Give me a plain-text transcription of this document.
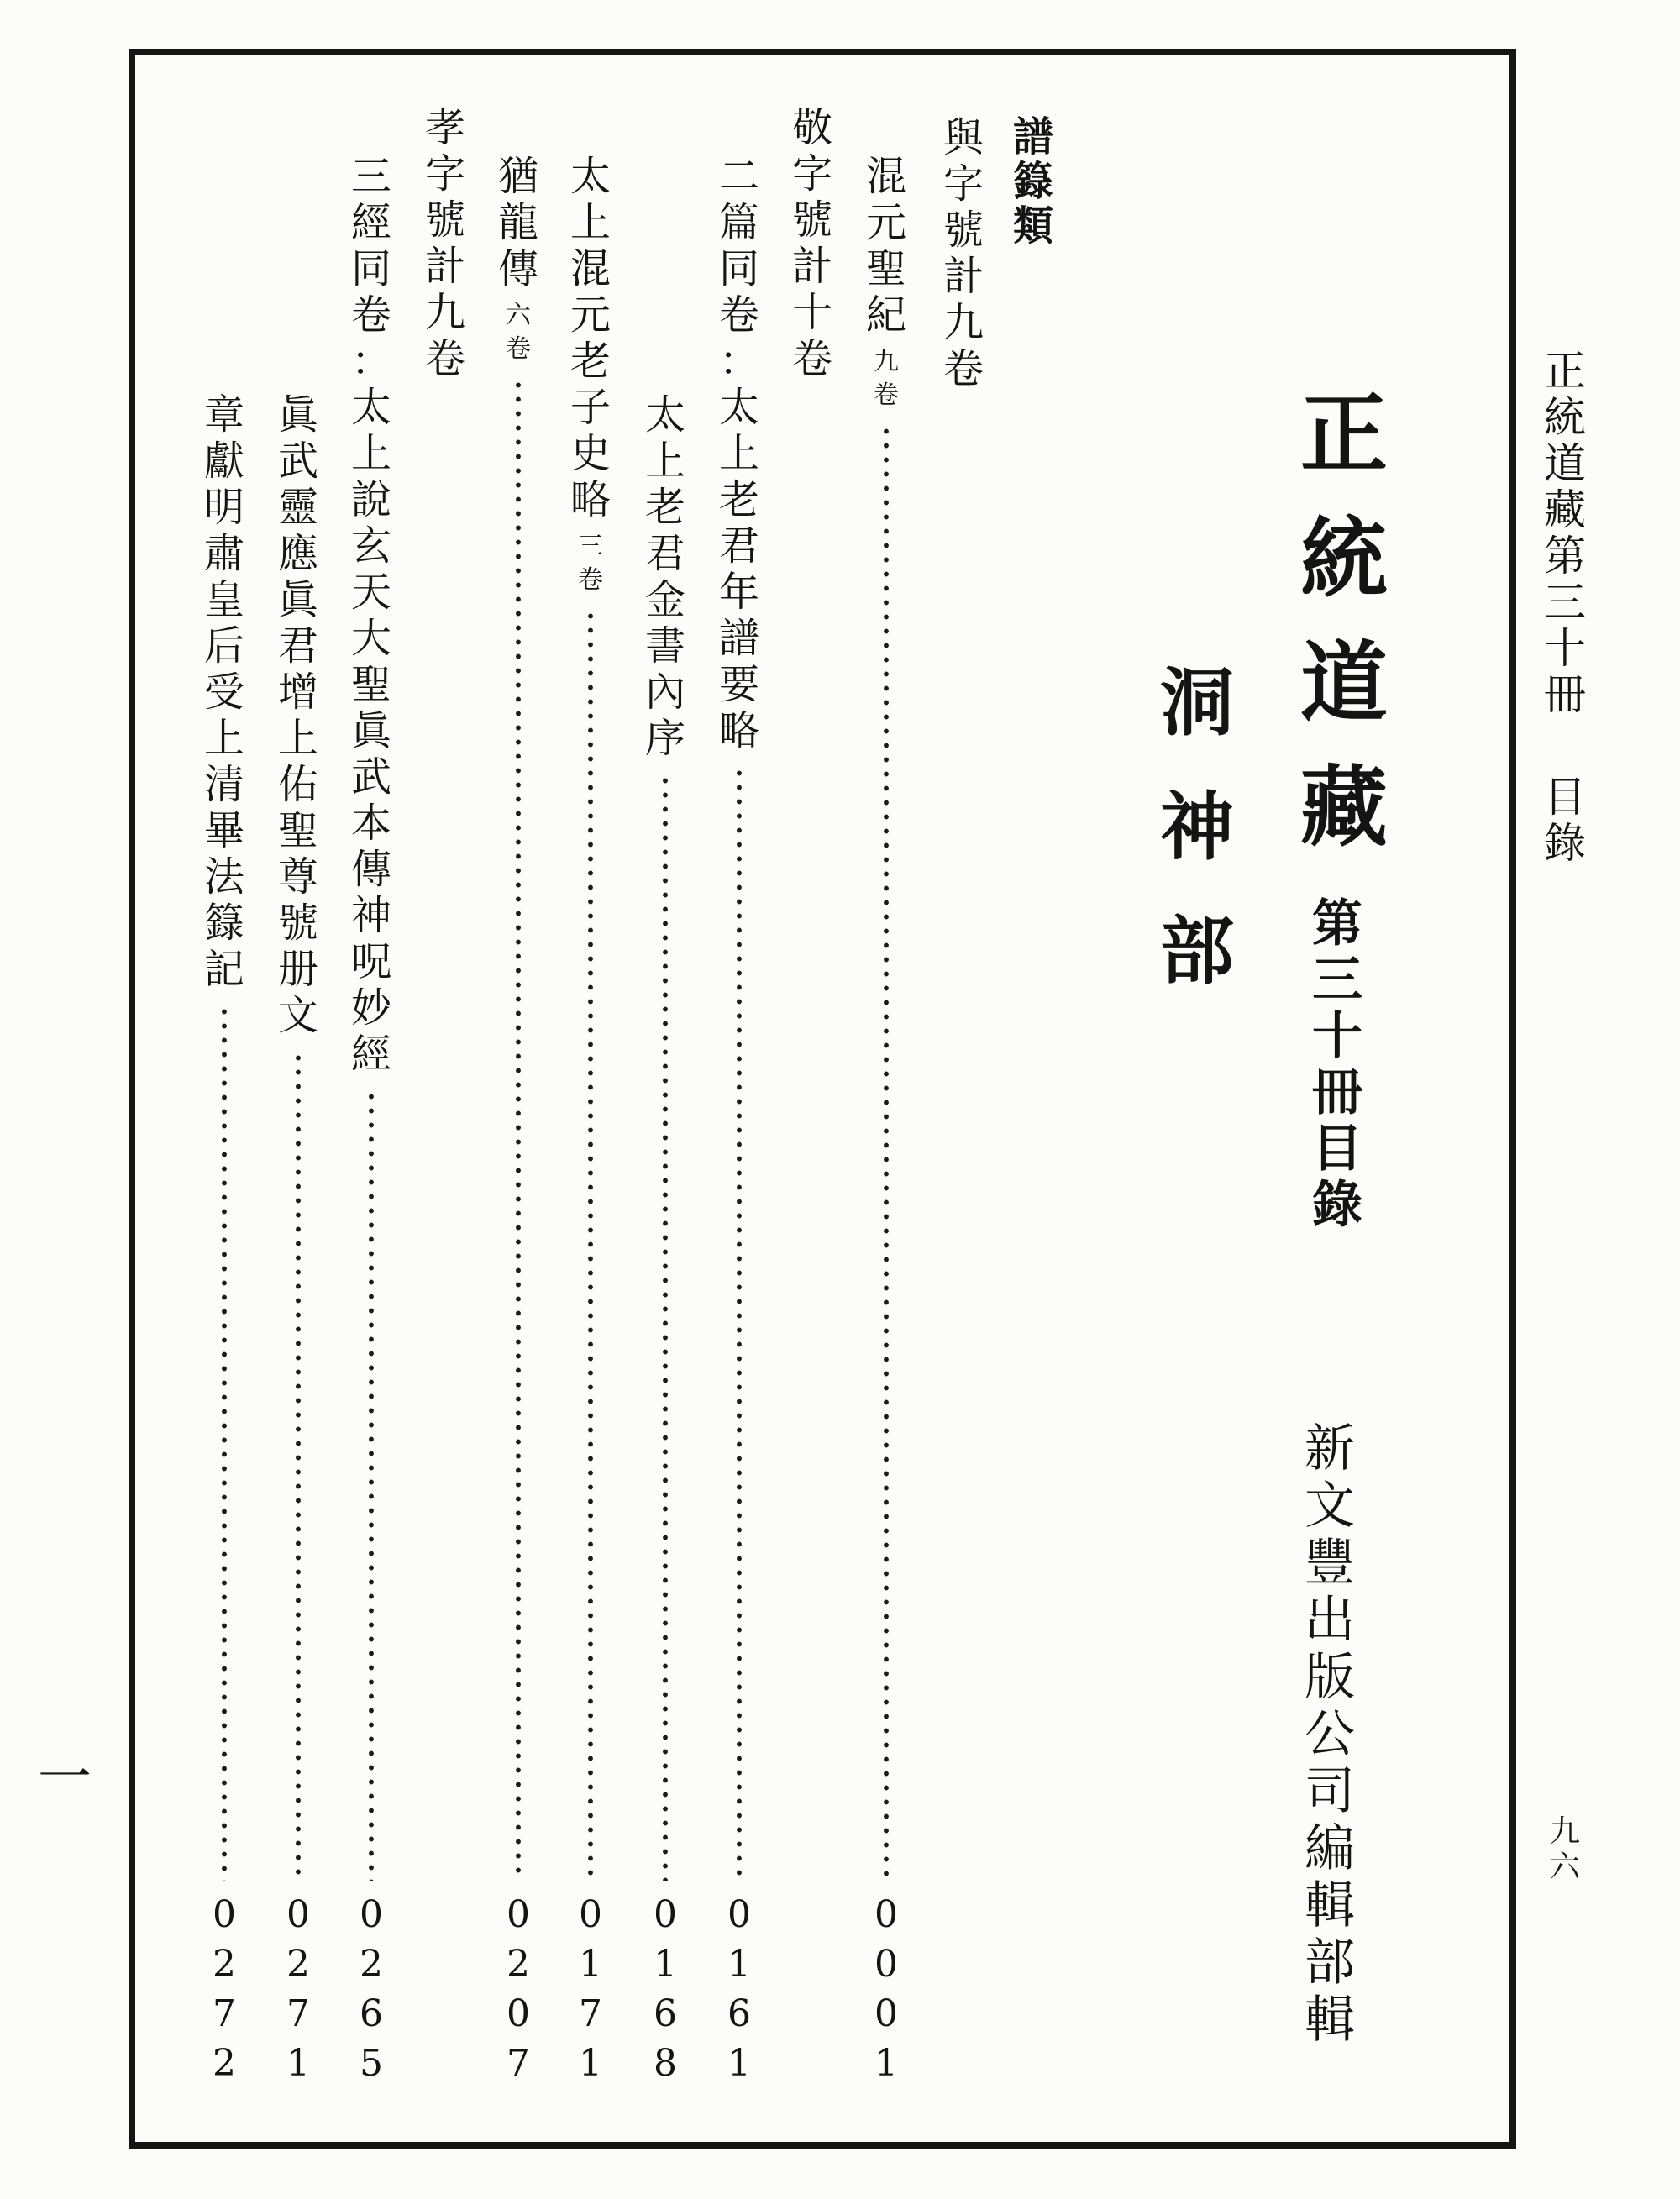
正統道藏第三十冊
目錄
九六
一
正統道藏
第三十冊目錄
新文豐出版公司編輯部輯
洞神部
譜籙類
與字號計九卷
混元聖紀
九卷
0001
敬字號計十卷
二篇同卷：太上老君年譜要略
0161
太上老君金書內序
0168
太上混元老子史略
三卷
0171
猶龍傳
六卷
0207
孝字號計九卷
三經同卷：太上說玄天大聖眞武本傳神呪妙經
0265
眞武靈應眞君增上佑聖尊號册文
0271
章獻明肅皇后受上清畢法籙記
0272
